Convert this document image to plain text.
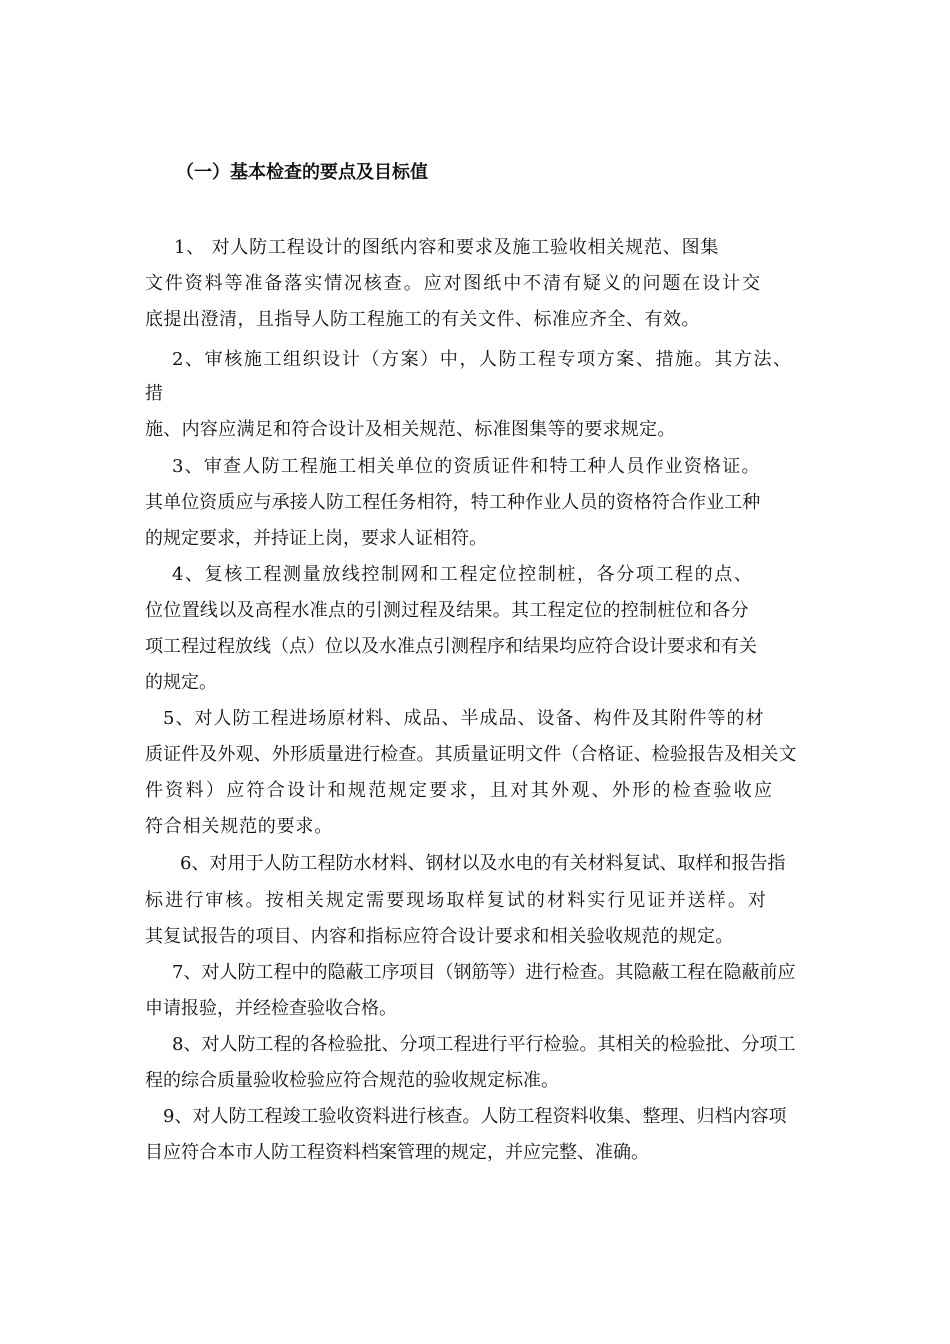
（一）基本检查的要点及目标值
1、 对人防工程设计的图纸内容和要求及施工验收相关规范、图集
文件资料等准备落实情况核查。应对图纸中不清有疑义的问题在设计交
底提出澄清，且指导人防工程施工的有关文件、标准应齐全、有效。
2、审核施工组织设计（方案）中，人防工程专项方案、措施。其方法、
措
施、内容应满足和符合设计及相关规范、标准图集等的要求规定。
3、审查人防工程施工相关单位的资质证件和特工种人员作业资格证。
其单位资质应与承接人防工程任务相符，特工种作业人员的资格符合作业工种
的规定要求，并持证上岗，要求人证相符。
4、复核工程测量放线控制网和工程定位控制桩，各分项工程的点、
位位置线以及高程水准点的引测过程及结果。其工程定位的控制桩位和各分
项工程过程放线（点）位以及水准点引测程序和结果均应符合设计要求和有关
的规定。
5、对人防工程进场原材料、成品、半成品、设备、构件及其附件等的材
质证件及外观、外形质量进行检查。其质量证明文件（合格证、检验报告及相关文
件资料）应符合设计和规范规定要求，且对其外观、外形的检查验收应
符合相关规范的要求。
6、对用于人防工程防水材料、钢材以及水电的有关材料复试、取样和报告指
标进行审核。按相关规定需要现场取样复试的材料实行见证并送样。对
其复试报告的项目、内容和指标应符合设计要求和相关验收规范的规定。
7、对人防工程中的隐蔽工序项目（钢筋等）进行检查。其隐蔽工程在隐蔽前应
申请报验，并经检查验收合格。
8、对人防工程的各检验批、分项工程进行平行检验。其相关的检验批、分项工
程的综合质量验收检验应符合规范的验收规定标准。
9、对人防工程竣工验收资料进行核查。人防工程资料收集、整理、归档内容项
目应符合本市人防工程资料档案管理的规定，并应完整、准确。
